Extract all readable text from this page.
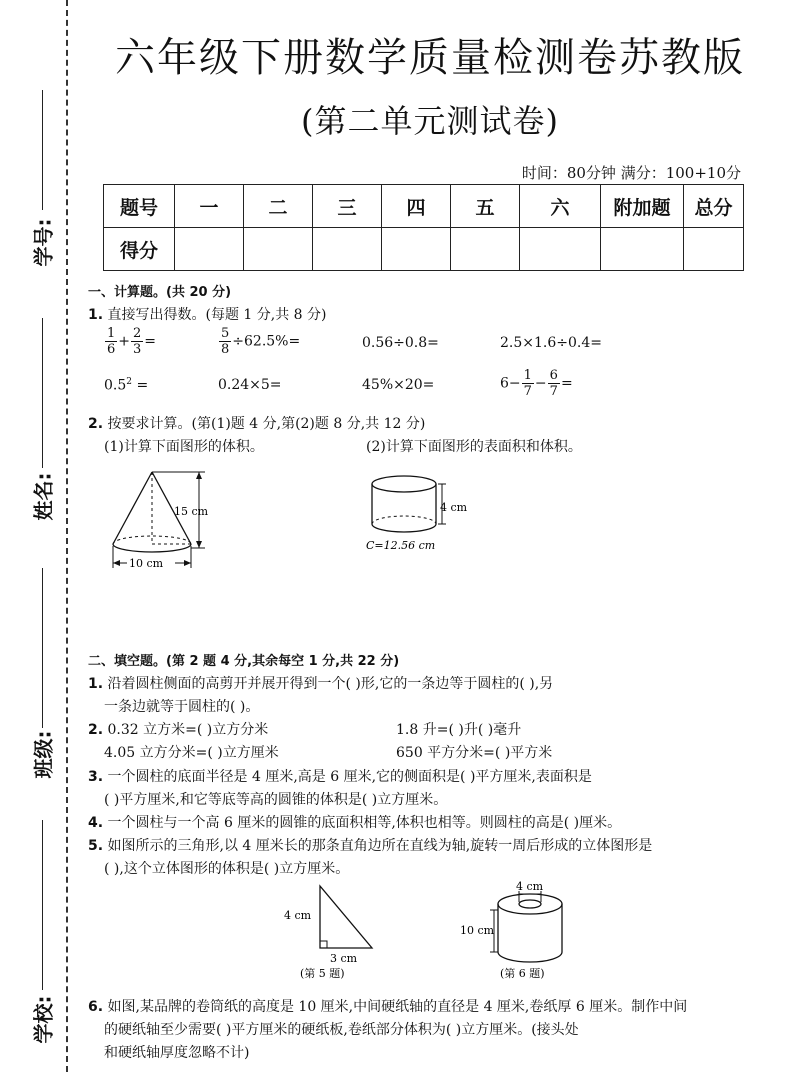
学号:
姓名:
班级:
学校:
六年级下册数学质量检测卷苏教版
(第二单元测试卷)
时间：80分钟 满分：100+10分
题号	一	二	三	四	五	六	附加题	总分
得分								
一、计算题。(共 20 分)
1. 直接写出得数。(每题 1 分,共 8 分)
$\frac{1}{6} + \frac{2}{3}$ =	$\frac{5}{8} \div 62.5\%=$	0.56÷0.8=	2.5×1.6÷0.4=
$0.5^2$ =	0.24×5=	45%×20=	$6- \frac{1}{7} - \frac{6}{7}$ =
2. 按要求计算。(第(1)题 4 分,第(2)题 8 分,共 12 分)
(1)计算下面图形的体积。	(2)计算下面图形的表面积和体积。
15 cm
10 cm
4 cm
C=12.56 cm
二、填空题。(第 2 题 4 分,其余每空 1 分,共 22 分)
1. 沿着圆柱侧面的高剪开并展开得到一个( )形,它的一条边等于圆柱的( ),另
一条边就等于圆柱的( )。
2. 0.32 立方米=( )立方分米	1.8 升=( )升( )毫升
4.05 立方分米=( )立方厘米	650 平方分米=( )平方米
3. 一个圆柱的底面半径是 4 厘米,高是 6 厘米,它的侧面积是( )平方厘米,表面积是
( )平方厘米,和它等底等高的圆锥的体积是( )立方厘米。
4. 一个圆柱与一个高 6 厘米的圆锥的底面积相等,体积也相等。则圆柱的高是( )厘米。
5. 如图所示的三角形,以 4 厘米长的那条直角边所在直线为轴,旋转一周后形成的立体图形是
( ),这个立体图形的体积是( )立方厘米。
4 cm
3 cm
(第 5 题)
4 cm
10 cm
(第 6 题)
6. 如图,某品牌的卷筒纸的高度是 10 厘米,中间硬纸轴的直径是 4 厘米,卷纸厚 6 厘米。制作中间
的硬纸轴至少需要( )平方厘米的硬纸板,卷纸部分体积为( )立方厘米。(接头处
和硬纸轴厚度忽略不计)
